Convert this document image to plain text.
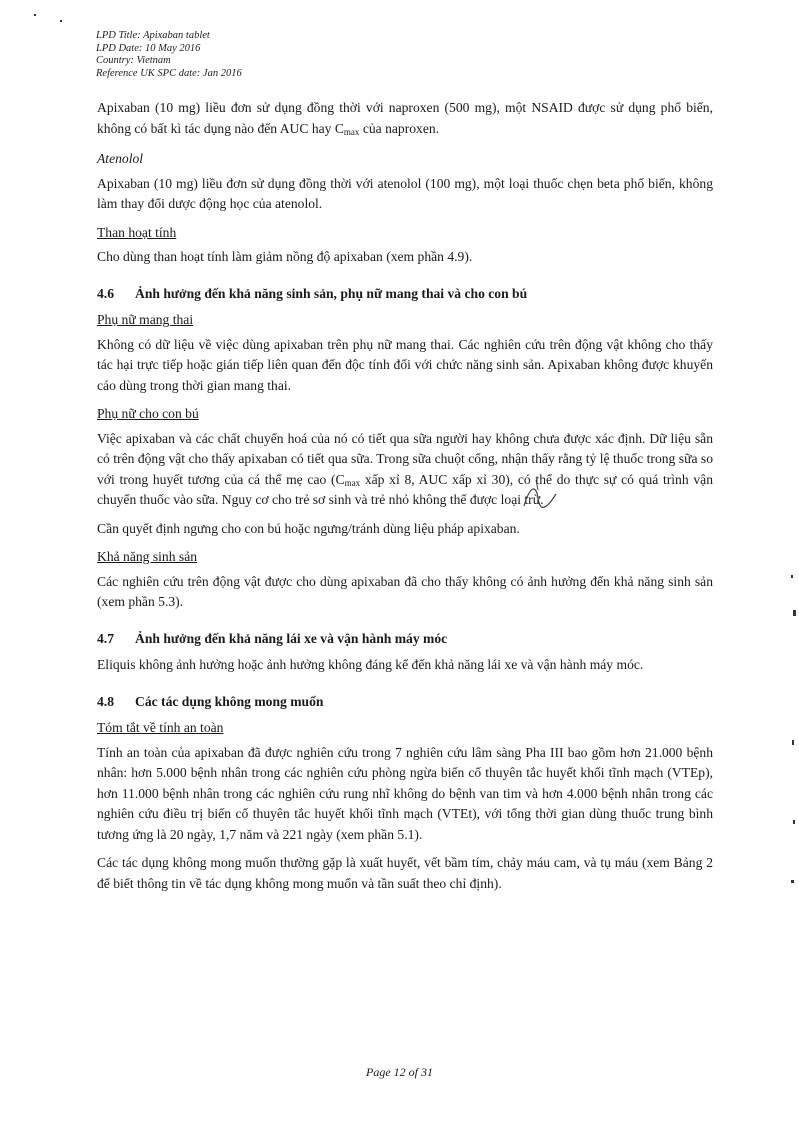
LPD Title: Apixaban tablet
LPD Date: 10 May 2016
Country: Vietnam
Reference UK SPC date: Jan 2016

Apixaban (10 mg) liều đơn sử dụng đồng thời với naproxen (500 mg), một NSAID được sử dụng phổ biến, không có bất kì tác dụng nào đến AUC hay $C_{max}$ của naproxen.

Atenolol

Apixaban (10 mg) liều đơn sử dụng đồng thời với atenolol (100 mg), một loại thuốc chẹn beta phổ biến, không làm thay đổi dược động học của atenolol.

Than hoạt tính

Cho dùng than hoạt tính làm giảm nồng độ apixaban (xem phần 4.9).

4.6	Ảnh hưởng đến khả năng sinh sản, phụ nữ mang thai và cho con bú
Phụ nữ mang thai

Không có dữ liệu về việc dùng apixaban trên phụ nữ mang thai. Các nghiên cứu trên động vật không cho thấy tác hại trực tiếp hoặc gián tiếp liên quan đến độc tính đối với chức năng sinh sản. Apixaban không được khuyến cáo dùng trong thời gian mang thai.

Phụ nữ cho con bú

Việc apixaban và các chất chuyển hoá của nó có tiết qua sữa người hay không chưa được xác định. Dữ liệu sẵn có trên động vật cho thấy apixaban có tiết qua sữa. Trong sữa chuột cống, nhận thấy rằng tỷ lệ thuốc trong sữa so với trong huyết tương của cá thể mẹ cao ($C_{max}$ xấp xỉ 8, AUC xấp xỉ 30), có thể do thực sự có quá trình vận chuyển thuốc vào sữa. Nguy cơ cho trẻ sơ sinh và trẻ nhỏ không thể được loại trừ.

Cần quyết định ngưng cho con bú hoặc ngưng/tránh dùng liệu pháp apixaban.

Khả năng sinh sản

Các nghiên cứu trên động vật được cho dùng apixaban đã cho thấy không có ảnh hưởng đến khả năng sinh sản (xem phần 5.3).

4.7	Ảnh hưởng đến khả năng lái xe và vận hành máy móc

Eliquis không ảnh hưởng hoặc ảnh hưởng không đáng kể đến khả năng lái xe và vận hành máy móc.

4.8	Các tác dụng không mong muốn
Tóm tắt về tính an toàn

Tính an toàn của apixaban đã được nghiên cứu trong 7 nghiên cứu lâm sàng Pha III bao gồm hơn 21.000 bệnh nhân: hơn 5.000 bệnh nhân trong các nghiên cứu phòng ngừa biến cố thuyên tắc huyết khối tĩnh mạch (VTEp), hơn 11.000 bệnh nhân trong các nghiên cứu rung nhĩ không do bệnh van tim và hơn 4.000 bệnh nhân trong các nghiên cứu điều trị biến cố thuyên tắc huyết khối tĩnh mạch (VTEt), với tổng thời gian dùng thuốc trung bình tương ứng là 20 ngày, 1,7 năm và 221 ngày (xem phần 5.1).

Các tác dụng không mong muốn thường gặp là xuất huyết, vết bầm tím, chảy máu cam, và tụ máu (xem Bảng 2 để biết thông tin về tác dụng không mong muốn và tần suất theo chỉ định).

Page 12 of 31
